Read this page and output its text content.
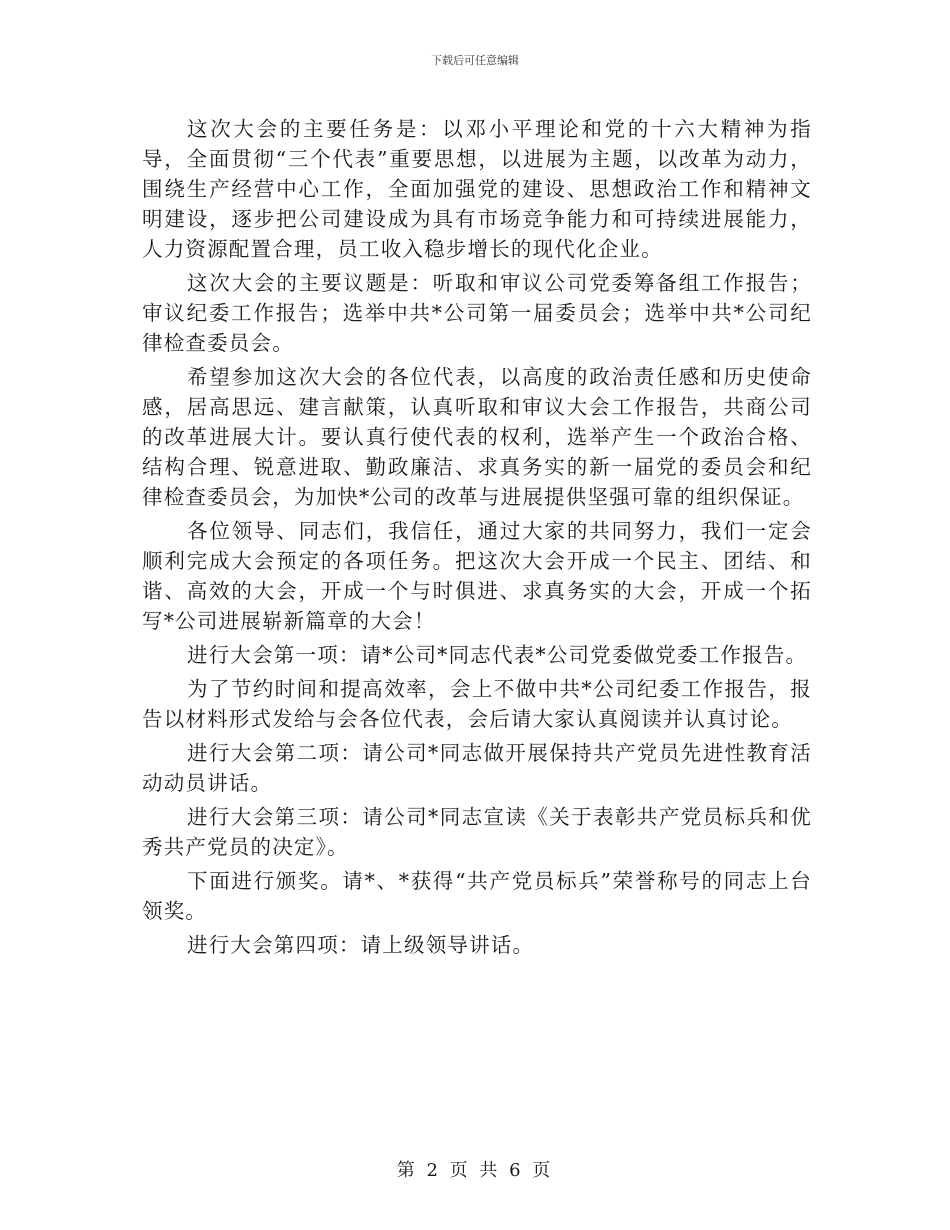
下载后可任意编辑

这次大会的主要任务是：以邓小平理论和党的十六大精神为指导，全面贯彻“三个代表”重要思想，以进展为主题，以改革为动力，围绕生产经营中心工作，全面加强党的建设、思想政治工作和精神文明建设，逐步把公司建设成为具有市场竞争能力和可持续进展能力，人力资源配置合理，员工收入稳步增长的现代化企业。

这次大会的主要议题是：听取和审议公司党委筹备组工作报告；审议纪委工作报告；选举中共*公司第一届委员会；选举中共*公司纪律检查委员会。

希望参加这次大会的各位代表，以高度的政治责任感和历史使命感，居高思远、建言献策，认真听取和审议大会工作报告，共商公司的改革进展大计。要认真行使代表的权利，选举产生一个政治合格、结构合理、锐意进取、勤政廉洁、求真务实的新一届党的委员会和纪律检查委员会，为加快*公司的改革与进展提供坚强可靠的组织保证。

各位领导、同志们，我信任，通过大家的共同努力，我们一定会顺利完成大会预定的各项任务。把这次大会开成一个民主、团结、和谐、高效的大会，开成一个与时俱进、求真务实的大会，开成一个拓写*公司进展崭新篇章的大会！

进行大会第一项：请*公司*同志代表*公司党委做党委工作报告。

为了节约时间和提高效率，会上不做中共*公司纪委工作报告，报告以材料形式发给与会各位代表，会后请大家认真阅读并认真讨论。

进行大会第二项：请公司*同志做开展保持共产党员先进性教育活动动员讲话。

进行大会第三项：请公司*同志宣读《关于表彰共产党员标兵和优秀共产党员的决定》。

下面进行颁奖。请*、*获得“共产党员标兵”荣誉称号的同志上台领奖。

进行大会第四项：请上级领导讲话。

第 2 页 共 6 页
